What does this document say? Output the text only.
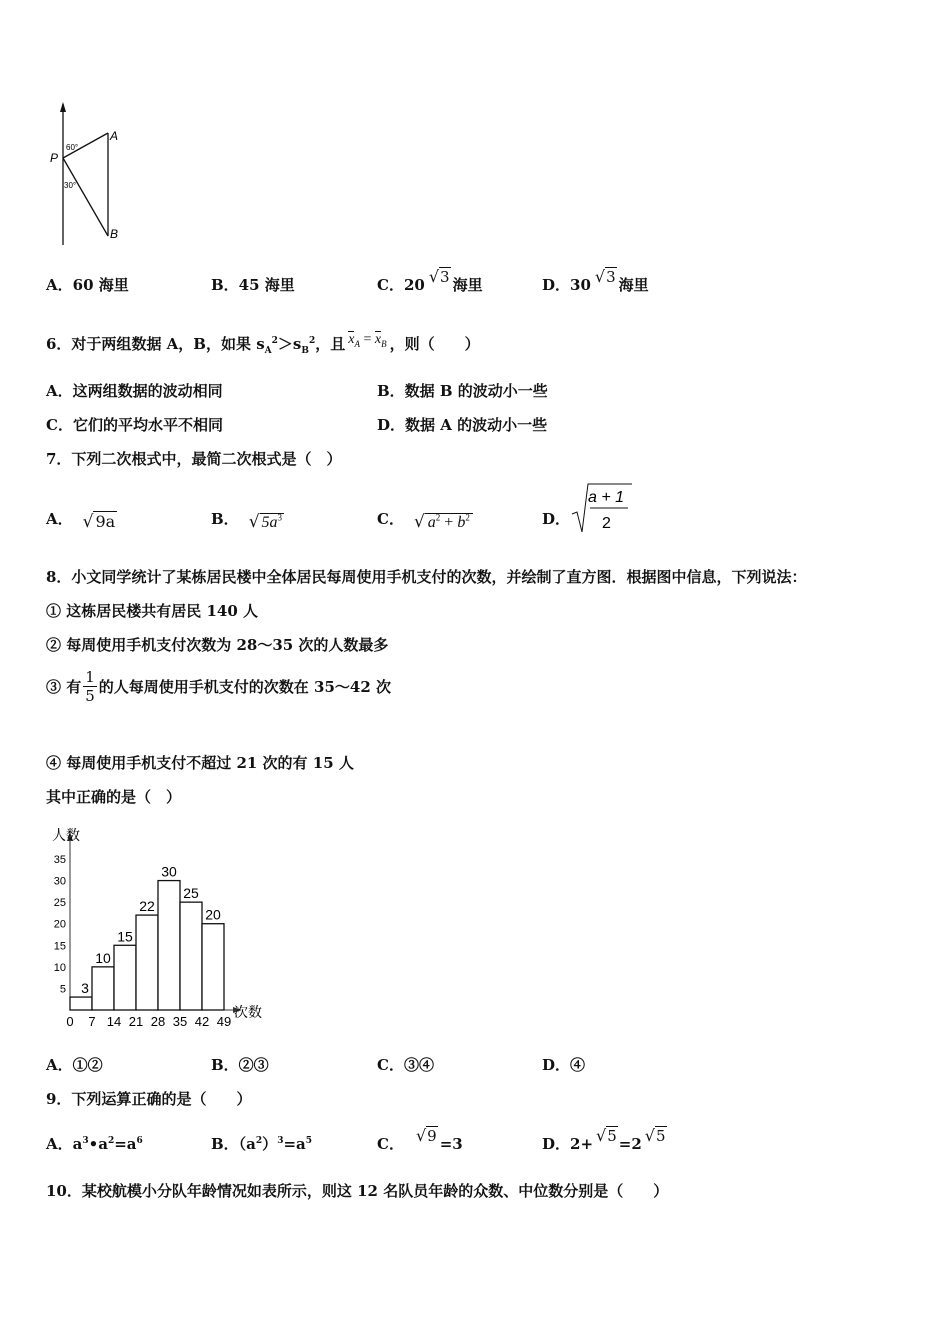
P
A
B
60°
30°
A．60 海里	B．45 海里	C．20 √3 海里	D．30 √3 海里
6．对于两组数据 A，B，如果 $s_A^2>s_B^2$，且 $x_A = x_B$ ，则（　　）
A．这两组数据的波动相同	B．数据 B 的波动小一些
C．它们的平均水平不相同	D．数据 A 的波动小一些
7．下列二次根式中，最简二次根式是（　）
A． √ 9a	B． √ $5a^3$	C． √ $a^2 + b^2$	D．
a + 1
2
8．小文同学统计了某栋居民楼中全体居民每周使用手机支付的次数，并绘制了直方图．根据图中信息，下列说法：
① 这栋居民楼共有居民 140 人
② 每周使用手机支付次数为 28～35 次的人数最多
③ 有 $\frac{1}{5}$ 的人每周使用手机支付的次数在 35～42 次
④ 每周使用手机支付不超过 21 次的有 15 人
其中正确的是（　）
人数
次数
5
10
15
20
25
30
35
0 7 14 21 28 35 42 49
3
10
15
22
30
25
20
A．①②	B．②③	C．③④	D．④
9．下列运算正确的是（　　）
A．$a^3•a^2=a^6$	B．$(a^2)^3=a^5$	C． √9 =3	D．2+ √5 =2 √5
10．某校航模小分队年龄情况如表所示，则这 12 名队员年龄的众数、中位数分别是（　　）
